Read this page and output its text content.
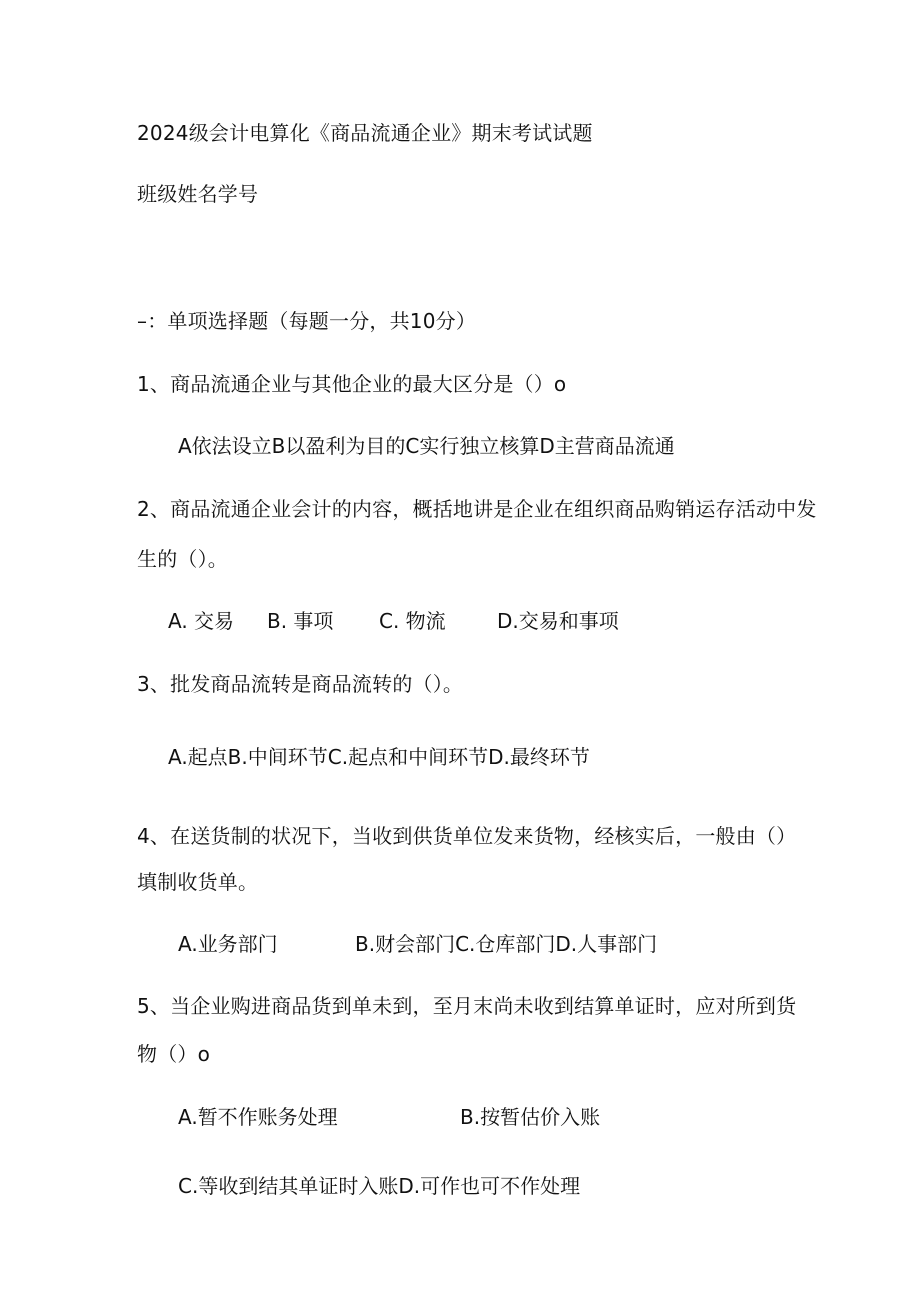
2024级会计电算化《商品流通企业》期末考试试题
班级姓名学号
–：单项选择题（每题一分，共10分）
1、商品流通企业与其他企业的最大区分是（）o
A依法设立B以盈利为目的C实行独立核算D主营商品流通
2、商品流通企业会计的内容，概括地讲是企业在组织商品购销运存活动中发
生的（）。
A. 交易 B. 事项 C. 物流	D.交易和事项
3、批发商品流转是商品流转的（）。
A.起点B.中间环节C.起点和中间环节D.最终环节
4、在送货制的状况下，当收到供货单位发来货物，经核实后，一般由（）
填制收货单。
A.业务部门	B.财会部门C.仓库部门D.人事部门
5、当企业购进商品货到单未到，至月末尚未收到结算单证时，应对所到货
物（）o
A.暂不作账务处理	B.按暂估价入账
C.等收到结其单证时入账D.可作也可不作处理
